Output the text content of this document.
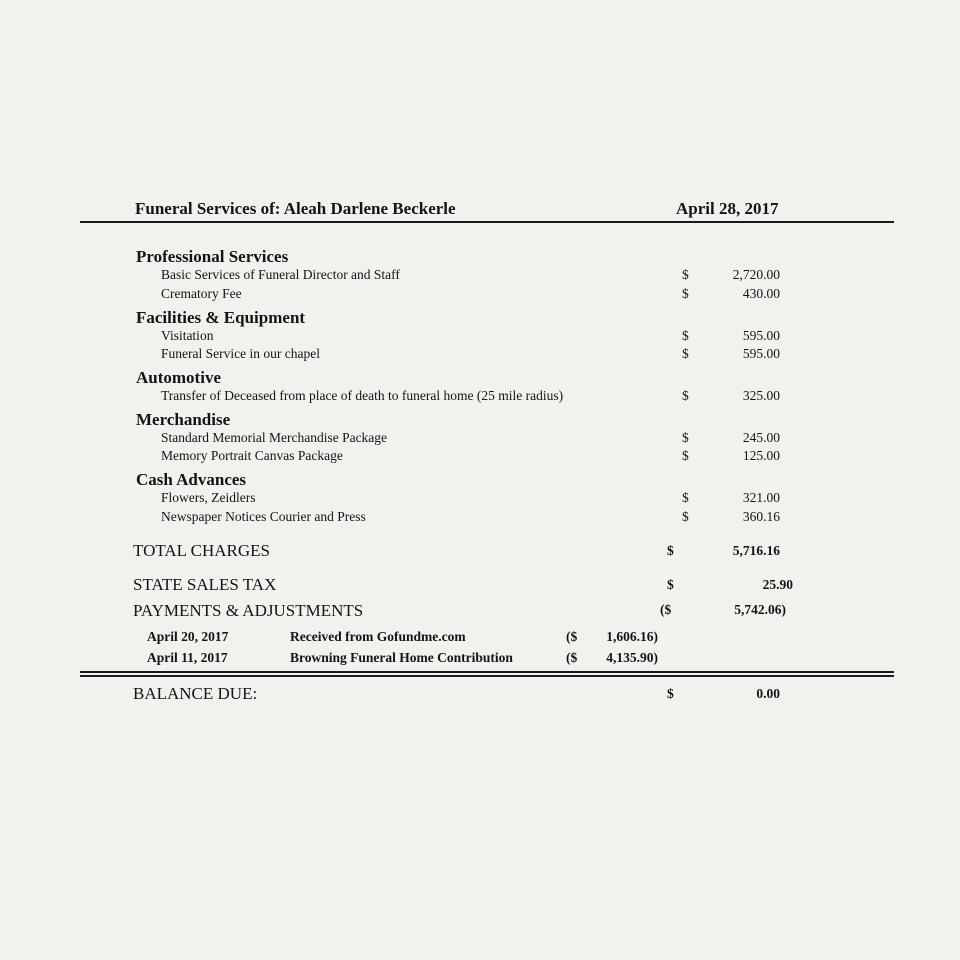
Funeral Services of: Aleah Darlene Beckerle	April 28, 2017
Professional Services
Basic Services of Funeral Director and Staff	$	2,720.00
Crematory Fee	$	430.00
Facilities & Equipment
Visitation	$	595.00
Funeral Service in our chapel	$	595.00
Automotive
Transfer of Deceased from place of death to funeral home (25 mile radius)	$	325.00
Merchandise
Standard Memorial Merchandise Package	$	245.00
Memory Portrait Canvas Package	$	125.00
Cash Advances
Flowers, Zeidlers	$	321.00
Newspaper Notices Courier and Press	$	360.16
TOTAL CHARGES	$	5,716.16
STATE SALES TAX	$	25.90
PAYMENTS & ADJUSTMENTS	($	5,742.06)
April 20, 2017	Received from Gofundme.com	($	1,606.16)
April 11, 2017	Browning Funeral Home Contribution	($	4,135.90)
BALANCE DUE:	$	0.00
